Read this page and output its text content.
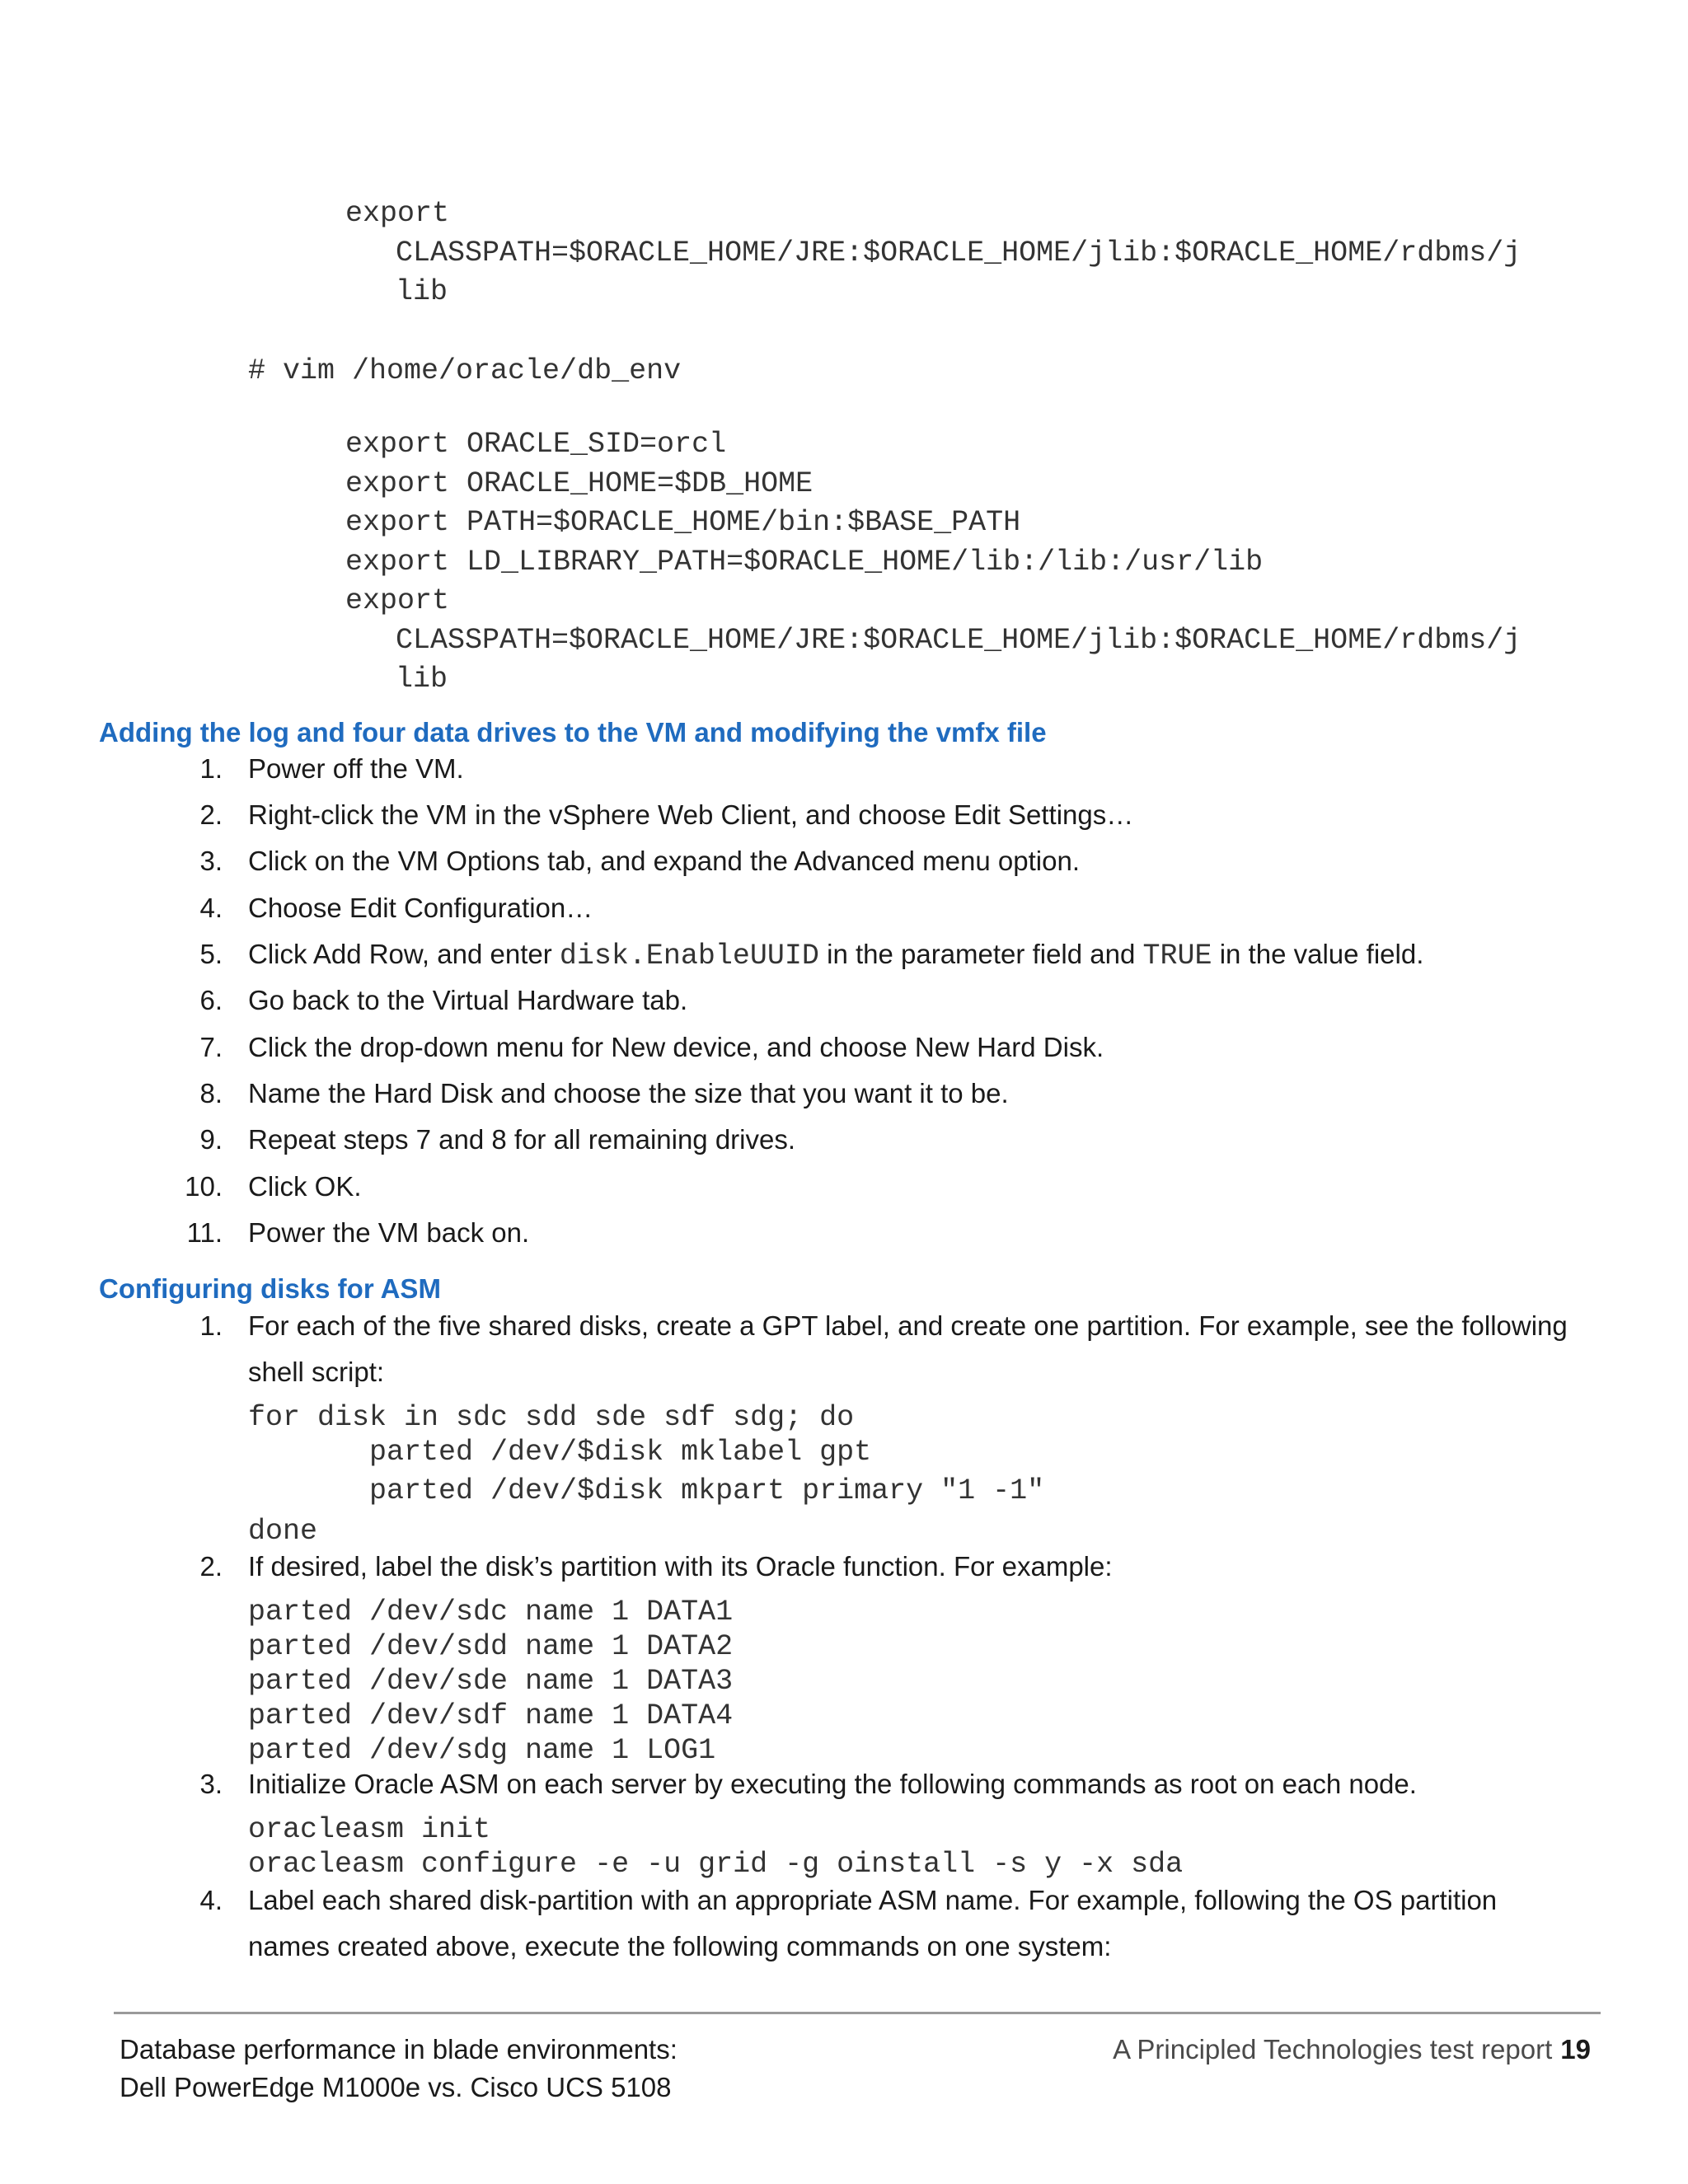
export
CLASSPATH=$ORACLE_HOME/JRE:$ORACLE_HOME/jlib:$ORACLE_HOME/rdbms/j
lib
# vim /home/oracle/db_env
export ORACLE_SID=orcl
export ORACLE_HOME=$DB_HOME
export PATH=$ORACLE_HOME/bin:$BASE_PATH
export LD_LIBRARY_PATH=$ORACLE_HOME/lib:/lib:/usr/lib
export
CLASSPATH=$ORACLE_HOME/JRE:$ORACLE_HOME/jlib:$ORACLE_HOME/rdbms/j
lib
Adding the log and four data drives to the VM and modifying the vmfx file
1. Power off the VM.
2. Right-click the VM in the vSphere Web Client, and choose Edit Settings…
3. Click on the VM Options tab, and expand the Advanced menu option.
4. Choose Edit Configuration…
5. Click Add Row, and enter disk.EnableUUID in the parameter field and TRUE in the value field.
6. Go back to the Virtual Hardware tab.
7. Click the drop-down menu for New device, and choose New Hard Disk.
8. Name the Hard Disk and choose the size that you want it to be.
9. Repeat steps 7 and 8 for all remaining drives.
10. Click OK.
11. Power the VM back on.
Configuring disks for ASM
1. For each of the five shared disks, create a GPT label, and create one partition. For example, see the following
shell script:
for disk in sdc sdd sde sdf sdg; do
parted /dev/$disk mklabel gpt
parted /dev/$disk mkpart primary "1 -1"
done
2. If desired, label the disk’s partition with its Oracle function. For example:
parted /dev/sdc name 1 DATA1
parted /dev/sdd name 1 DATA2
parted /dev/sde name 1 DATA3
parted /dev/sdf name 1 DATA4
parted /dev/sdg name 1 LOG1
3. Initialize Oracle ASM on each server by executing the following commands as root on each node.
oracleasm init
oracleasm configure -e -u grid -g oinstall -s y -x sda
4. Label each shared disk-partition with an appropriate ASM name. For example, following the OS partition
names created above, execute the following commands on one system:
Database performance in blade environments:
Dell PowerEdge M1000e vs. Cisco UCS 5108
A Principled Technologies test report 19
